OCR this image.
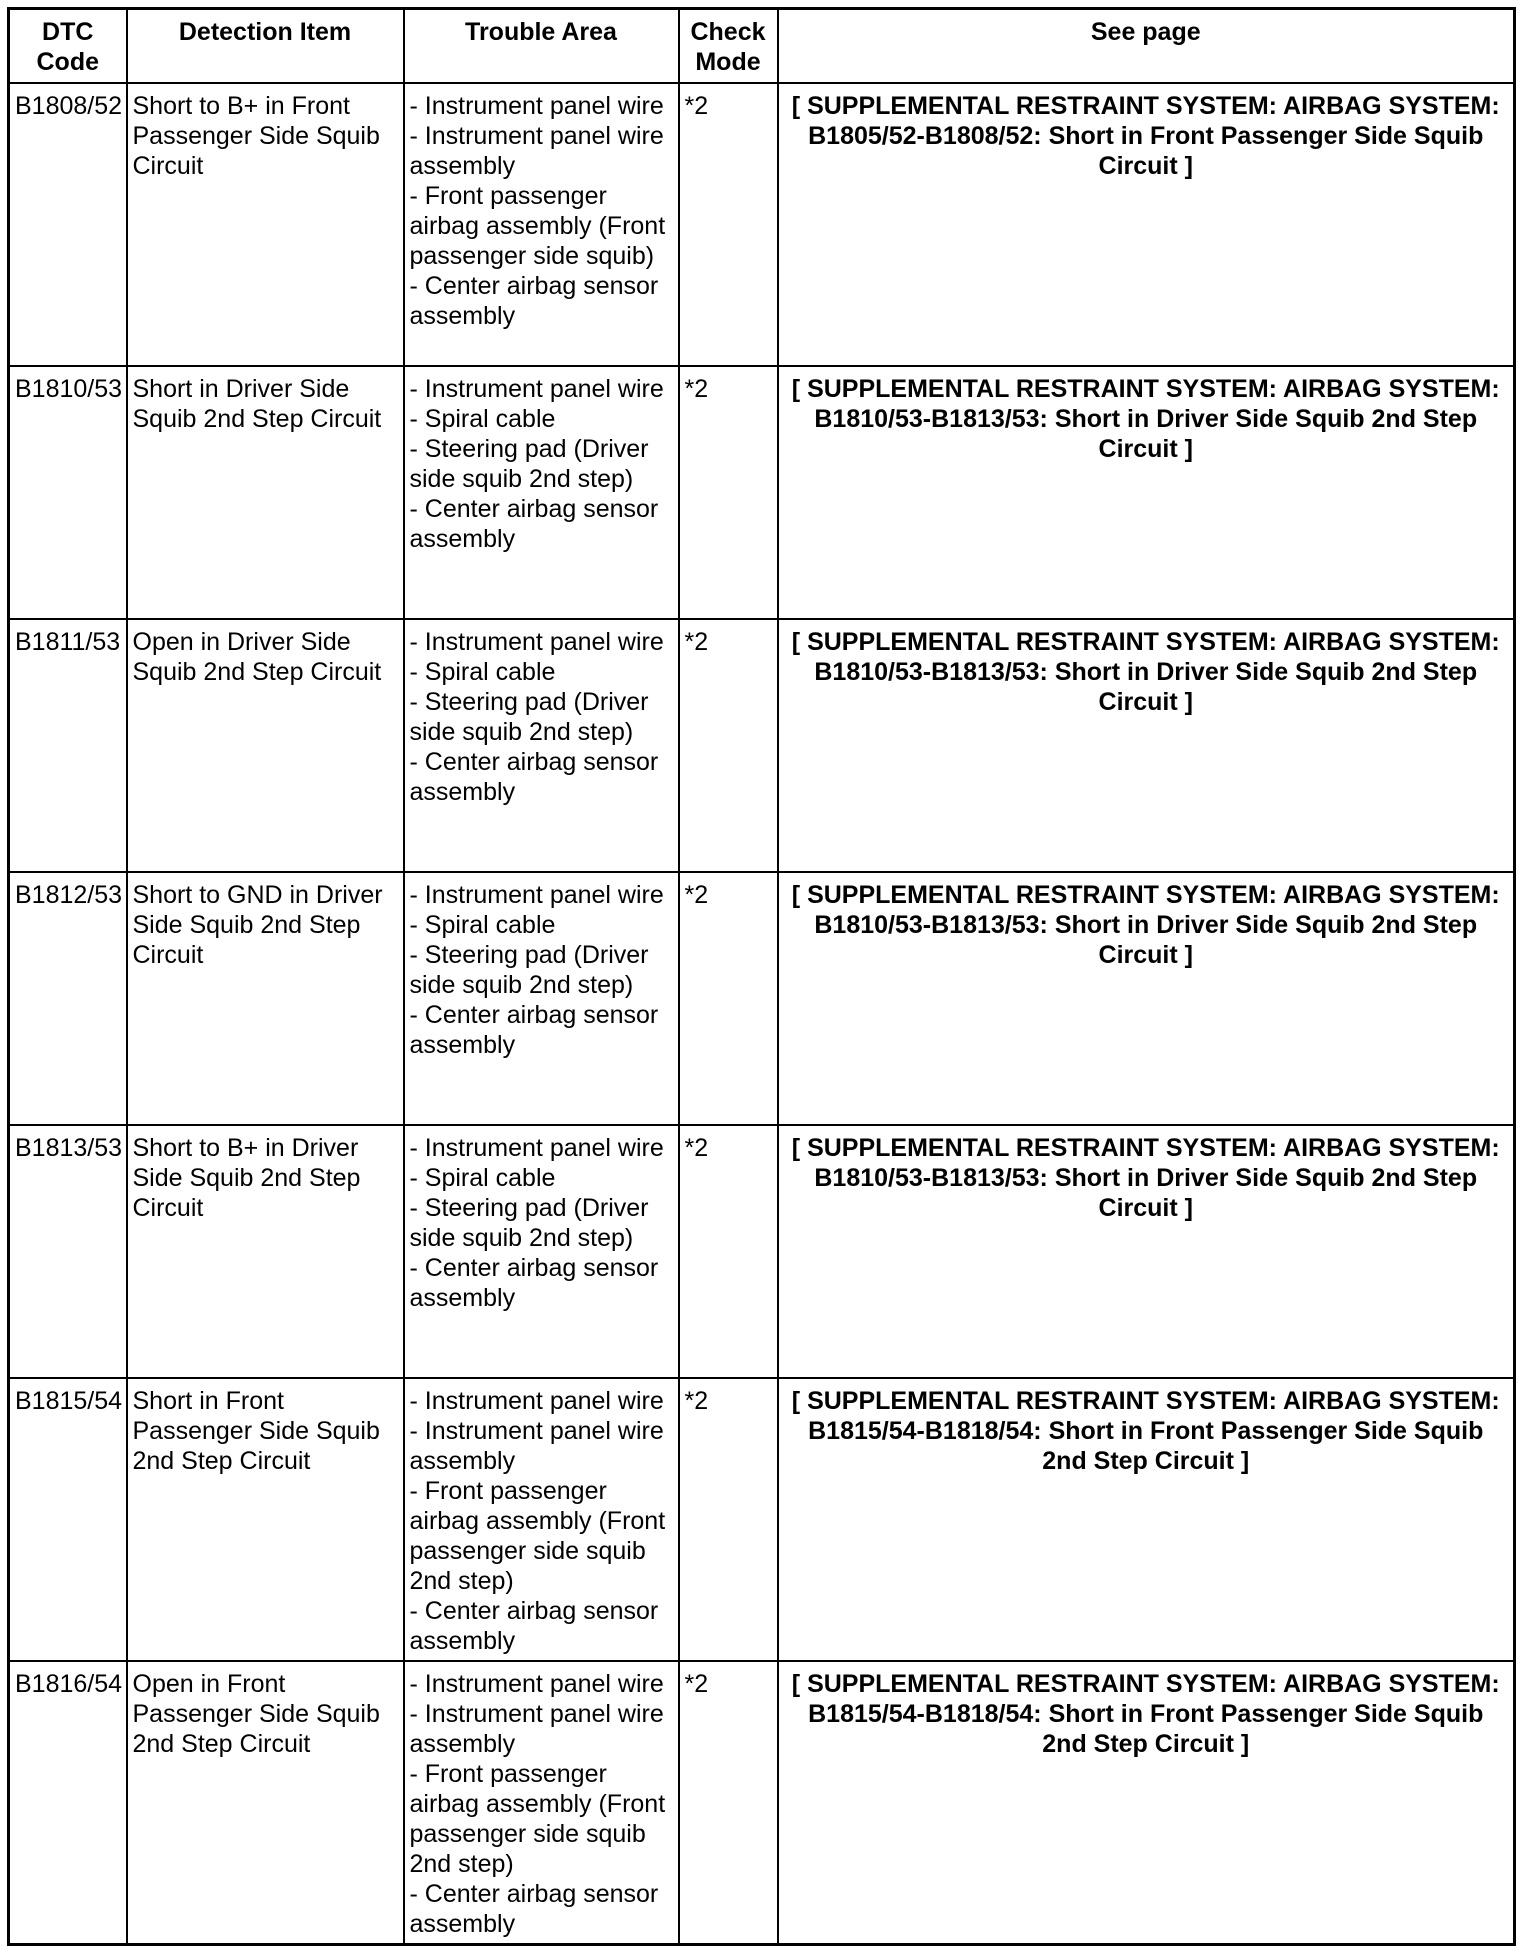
DTC Code	Detection Item	Trouble Area	Check Mode	See page
B1808/52	Short to B+ in Front Passenger Side Squib Circuit	- Instrument panel wire
- Instrument panel wire assembly
- Front passenger airbag assembly (Front passenger side squib)
- Center airbag sensor assembly	*2	[ SUPPLEMENTAL RESTRAINT SYSTEM: AIRBAG SYSTEM: B1805/52-B1808/52: Short in Front Passenger Side Squib Circuit ]
B1810/53	Short in Driver Side Squib 2nd Step Circuit	- Instrument panel wire
- Spiral cable
- Steering pad (Driver side squib 2nd step)
- Center airbag sensor assembly	*2	[ SUPPLEMENTAL RESTRAINT SYSTEM: AIRBAG SYSTEM: B1810/53-B1813/53: Short in Driver Side Squib 2nd Step Circuit ]
B1811/53	Open in Driver Side Squib 2nd Step Circuit	- Instrument panel wire
- Spiral cable
- Steering pad (Driver side squib 2nd step)
- Center airbag sensor assembly	*2	[ SUPPLEMENTAL RESTRAINT SYSTEM: AIRBAG SYSTEM: B1810/53-B1813/53: Short in Driver Side Squib 2nd Step Circuit ]
B1812/53	Short to GND in Driver Side Squib 2nd Step Circuit	- Instrument panel wire
- Spiral cable
- Steering pad (Driver side squib 2nd step)
- Center airbag sensor assembly	*2	[ SUPPLEMENTAL RESTRAINT SYSTEM: AIRBAG SYSTEM: B1810/53-B1813/53: Short in Driver Side Squib 2nd Step Circuit ]
B1813/53	Short to B+ in Driver Side Squib 2nd Step Circuit	- Instrument panel wire
- Spiral cable
- Steering pad (Driver side squib 2nd step)
- Center airbag sensor assembly	*2	[ SUPPLEMENTAL RESTRAINT SYSTEM: AIRBAG SYSTEM: B1810/53-B1813/53: Short in Driver Side Squib 2nd Step Circuit ]
B1815/54	Short in Front Passenger Side Squib 2nd Step Circuit	- Instrument panel wire
- Instrument panel wire assembly
- Front passenger airbag assembly (Front passenger side squib 2nd step)
- Center airbag sensor assembly	*2	[ SUPPLEMENTAL RESTRAINT SYSTEM: AIRBAG SYSTEM: B1815/54-B1818/54: Short in Front Passenger Side Squib 2nd Step Circuit ]
B1816/54	Open in Front Passenger Side Squib 2nd Step Circuit	- Instrument panel wire
- Instrument panel wire assembly
- Front passenger airbag assembly (Front passenger side squib 2nd step)
- Center airbag sensor assembly	*2	[ SUPPLEMENTAL RESTRAINT SYSTEM: AIRBAG SYSTEM: B1815/54-B1818/54: Short in Front Passenger Side Squib 2nd Step Circuit ]
